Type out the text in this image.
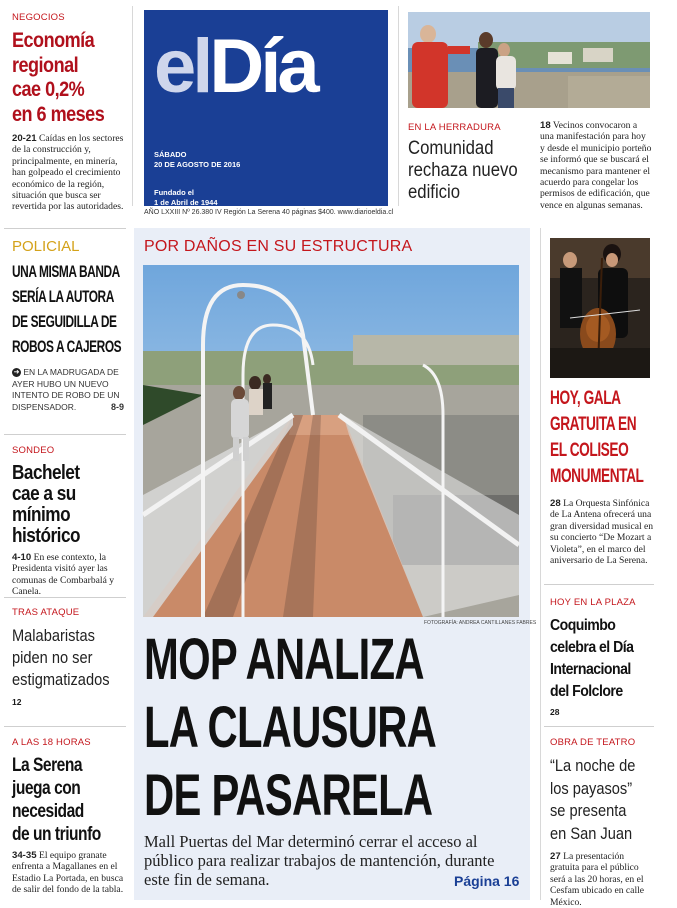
NEGOCIOS
Economía
regional
cae 0,2%
en 6 meses
20-21 Caídas en los sectores de la construcción y, principalmente, en minería, han golpeado el crecimiento económico de la región, situación que busca ser revertida por las autoridades.
elDía
SÁBADO
20 DE AGOSTO DE 2016
Fundado el
1 de Abril de 1944
AÑO LXXIII Nº 26.380 IV Región La Serena 40 páginas $400. www.diarioeldia.cl
EN LA HERRADURA
Comunidad
rechaza nuevo
edificio
18 Vecinos convocaron a una manifestación para hoy y desde el municipio porteño se informó que se buscará el mecanismo para mantener el acuerdo para congelar los permisos de edificación, que vence en algunas semanas.
POLICIAL
UNA MISMA BANDA
SERÍA LA AUTORA
DE SEGUIDILLA DE
ROBOS A CAJEROS
➜ EN LA MADRUGADA DE AYER HUBO UN NUEVO INTENTO DE ROBO DE UN DISPENSADOR.	8-9
SONDEO
Bachelet
cae a su
mínimo
histórico
4-10 En ese contexto, la Presidenta visitó ayer las comunas de Combarbalá y Canela.
TRAS ATAQUE
Malabaristas
piden no ser
estigmatizados
12
A LAS 18 HORAS
La Serena
juega con
necesidad
de un triunfo
34-35 El equipo granate enfrenta a Magallanes en el Estadio La Portada, en busca de salir del fondo de la tabla.
POR DAÑOS EN SU ESTRUCTURA
FOTOGRAFÍA: ANDREA CANTILLANES FABRES
MOP ANALIZA
LA CLAUSURA
DE PASARELA
Mall Puertas del Mar determinó cerrar el acceso al público para realizar trabajos de mantención, durante este fin de semana.	Página 16
HOY, GALA
GRATUITA EN
EL COLISEO
MONUMENTAL
28 La Orquesta Sinfónica de La Antena ofrecerá una gran diversidad musical en su concierto “De Mozart a Violeta”, en el marco del aniversario de La Serena.
HOY EN LA PLAZA
Coquimbo
celebra el Día
Internacional
del Folclore
28
OBRA DE TEATRO
“La noche de
los payasos”
se presenta
en San Juan
27 La presentación gratuita para el público será a las 20 horas, en el Cesfam ubicado en calle México.
